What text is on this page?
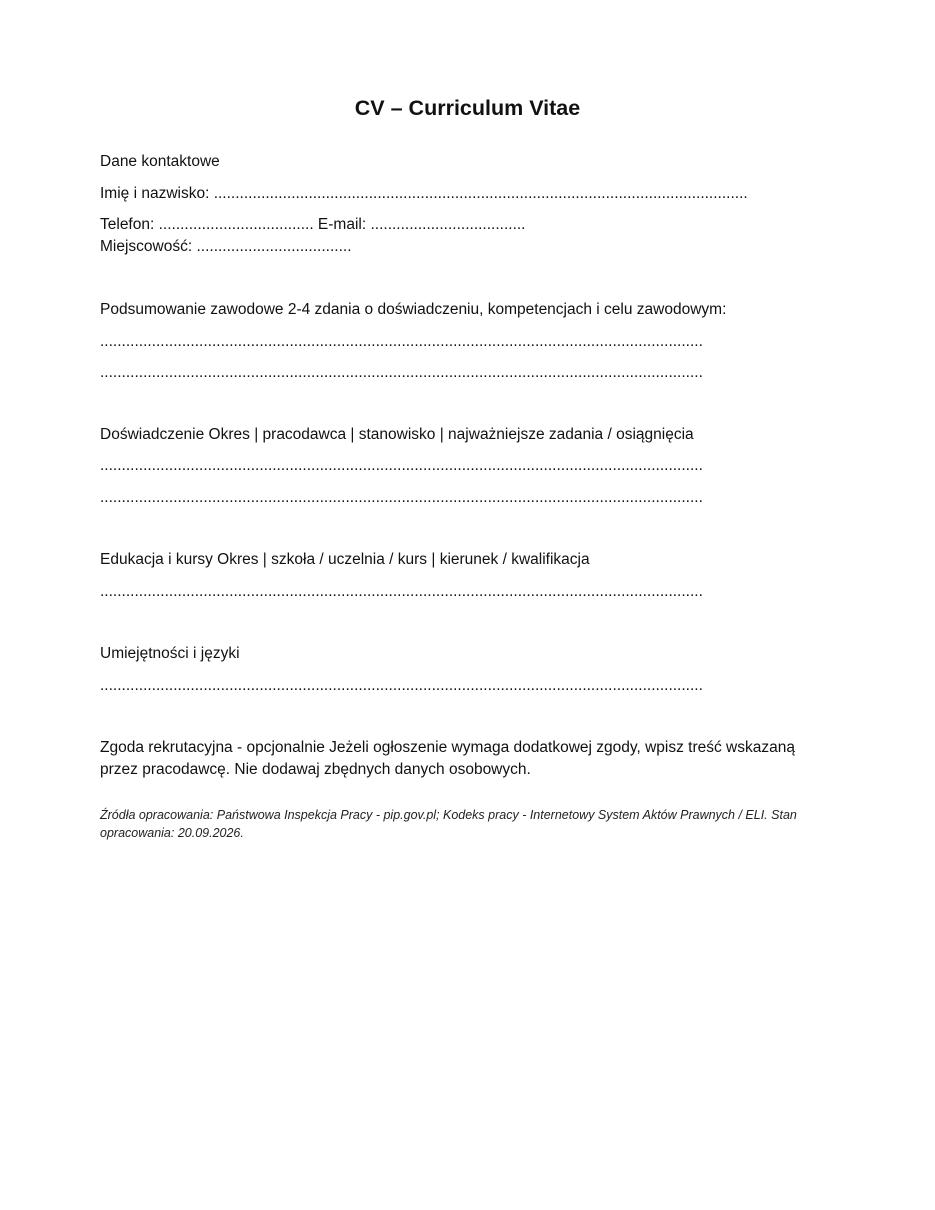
CV – Curriculum Vitae
Dane kontaktowe
Imię i nazwisko: ............................................................................................................................
Telefon: .................................... E-mail: ....................................
Miejscowość: ....................................
Podsumowanie zawodowe 2-4 zdania o doświadczeniu, kompetencjach i celu zawodowym:
............................................................................................................................................
............................................................................................................................................
Doświadczenie Okres | pracodawca | stanowisko | najważniejsze zadania / osiągnięcia
............................................................................................................................................
............................................................................................................................................
Edukacja i kursy Okres | szkoła / uczelnia / kurs | kierunek / kwalifikacja
............................................................................................................................................
Umiejętności i języki
............................................................................................................................................
Zgoda rekrutacyjna - opcjonalnie Jeżeli ogłoszenie wymaga dodatkowej zgody, wpisz treść wskazaną przez pracodawcę. Nie dodawaj zbędnych danych osobowych.
Źródła opracowania: Państwowa Inspekcja Pracy - pip.gov.pl; Kodeks pracy - Internetowy System Aktów Prawnych / ELI. Stan opracowania: 20.09.2026.
